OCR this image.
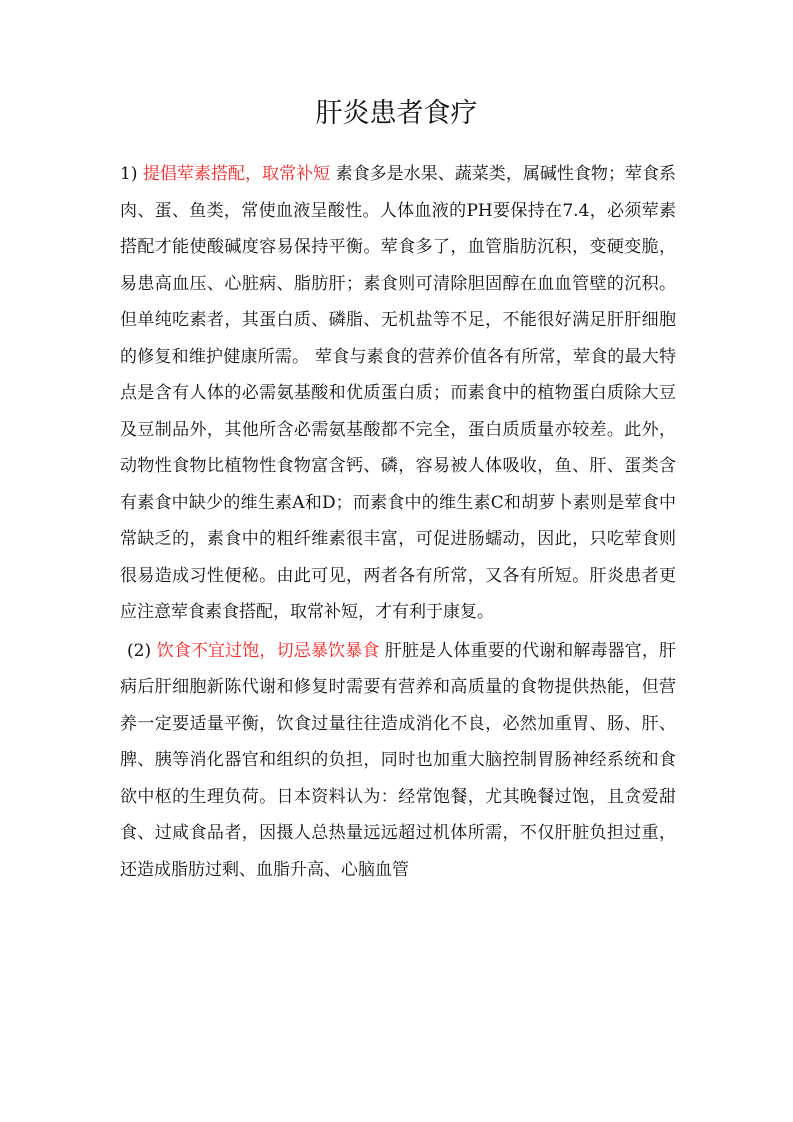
肝炎患者食疗

1) 提倡荤素搭配，取常补短 素食多是水果、蔬菜类，属碱性食物；荤食系肉、蛋、鱼类，常使血液呈酸性。人体血液的PH要保持在7.4，必须荤素搭配才能使酸碱度容易保持平衡。荤食多了，血管脂肪沉积，变硬变脆，易患高血压、心脏病、脂肪肝；素食则可清除胆固醇在血血管壁的沉积。但单纯吃素者，其蛋白质、磷脂、无机盐等不足，不能很好满足肝肝细胞的修复和维护健康所需。 荤食与素食的营养价值各有所常，荤食的最大特点是含有人体的必需氨基酸和优质蛋白质；而素食中的植物蛋白质除大豆及豆制品外，其他所含必需氨基酸都不完全，蛋白质质量亦较差。此外，动物性食物比植物性食物富含钙、磷，容易被人体吸收，鱼、肝、蛋类含有素食中缺少的维生素A和D；而素食中的维生素C和胡萝卜素则是荤食中常缺乏的，素食中的粗纤维素很丰富，可促进肠蠕动，因此，只吃荤食则很易造成习性便秘。由此可见，两者各有所常，又各有所短。肝炎患者更应注意荤食素食搭配，取常补短，才有利于康复。

(2) 饮食不宜过饱，切忌暴饮暴食 肝脏是人体重要的代谢和解毒器官，肝病后肝细胞新陈代谢和修复时需要有营养和高质量的食物提供热能，但营养一定要适量平衡，饮食过量往往造成消化不良，必然加重胃、肠、肝、脾、胰等消化器官和组织的负担，同时也加重大脑控制胃肠神经系统和食欲中枢的生理负荷。日本资料认为：经常饱餐，尤其晚餐过饱，且贪爱甜食、过咸食品者，因摄人总热量远远超过机体所需，不仅肝脏负担过重，还造成脂肪过剩、血脂升高、心脑血管
